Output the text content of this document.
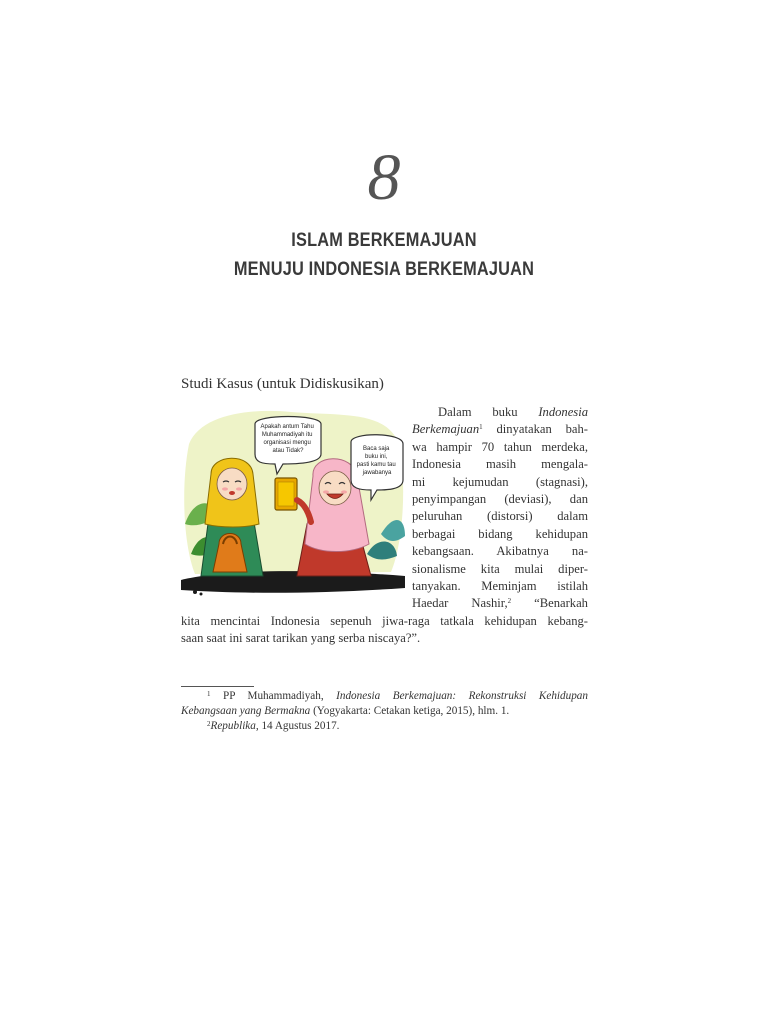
8
ISLAM BERKEMAJUAN
MENUJU INDONESIA BERKEMAJUAN
Studi Kasus (untuk Didiskusikan)
Apakah antum Tahu Muhammadiyah itu organisasi mengu atau Tidak?	Baca saja buku ini, pasti kamu tau jawabanya
Dalam buku Indonesia
Berkemajuan$^1$ dinyatakan bah-
wa hampir 70 tahun merdeka,
Indonesia masih mengala-
mi kejumudan (stagnasi),
penyimpangan (deviasi), dan
peluruhan (distorsi) dalam
berbagai bidang kehidupan
kebangsaan. Akibatnya na-
sionalisme kita mulai diper-
tanyakan. Meminjam istilah
Haedar Nashir,$^2$ “Benarkah
kita mencintai Indonesia sepenuh jiwa-raga tatkala kehidupan kebang-
saan saat ini sarat tarikan yang serba niscaya?”.
$^1$ PP Muhammadiyah, Indonesia Berkemajuan: Rekonstruksi Kehidupan
Kebangsaan yang Bermakna (Yogyakarta: Cetakan ketiga, 2015), hlm. 1.
$^2$Republika, 14 Agustus 2017.
